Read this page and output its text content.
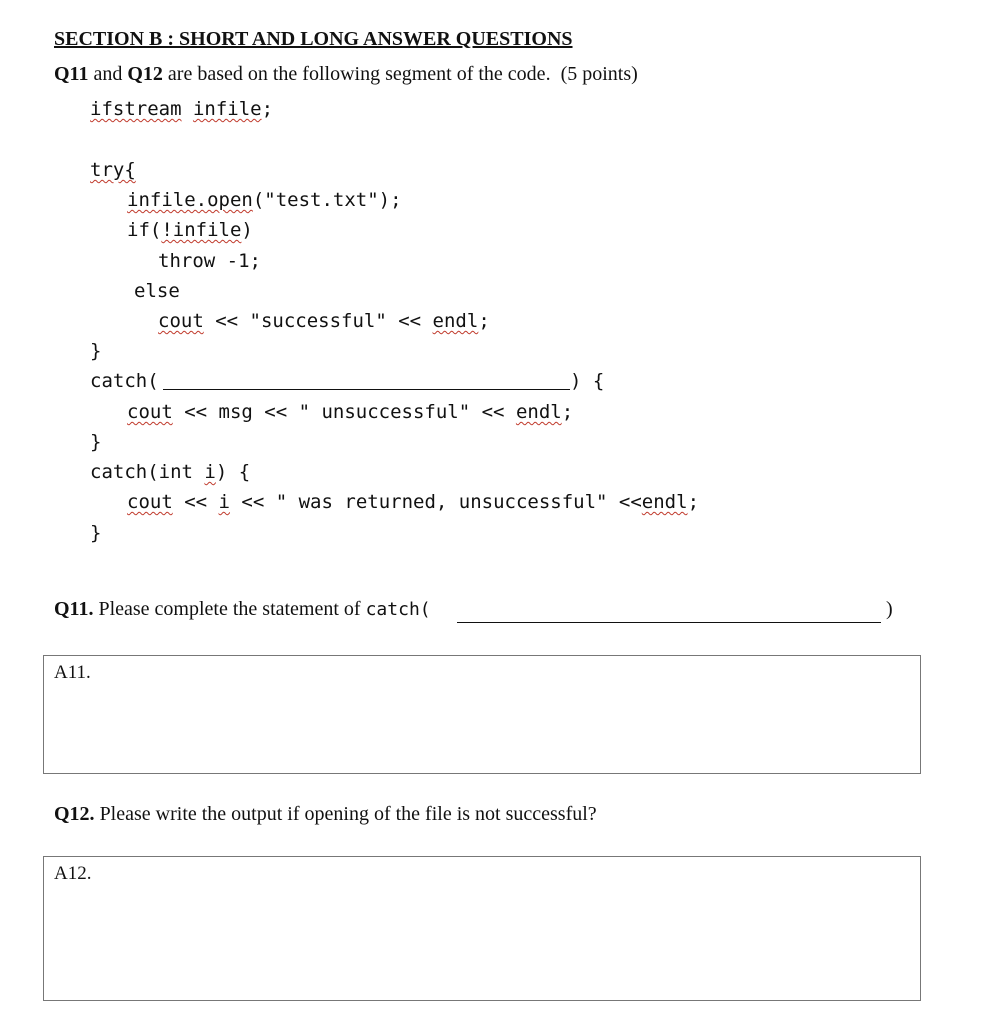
SECTION B : SHORT AND LONG ANSWER QUESTIONS
Q11 and Q12 are based on the following segment of the code.  (5 points)
ifstream infile;
try{
infile.open("test.txt");
if(!infile)
throw -1;
else
cout << "successful" << endl;
}
catch(	) {
cout << msg << " unsuccessful" << endl;
}
catch(int i) {
cout << i << " was returned, unsuccessful" <<endl;
}
Q11. Please complete the statement of catch(	)
A11.
Q12. Please write the output if opening of the file is not successful?
A12.
